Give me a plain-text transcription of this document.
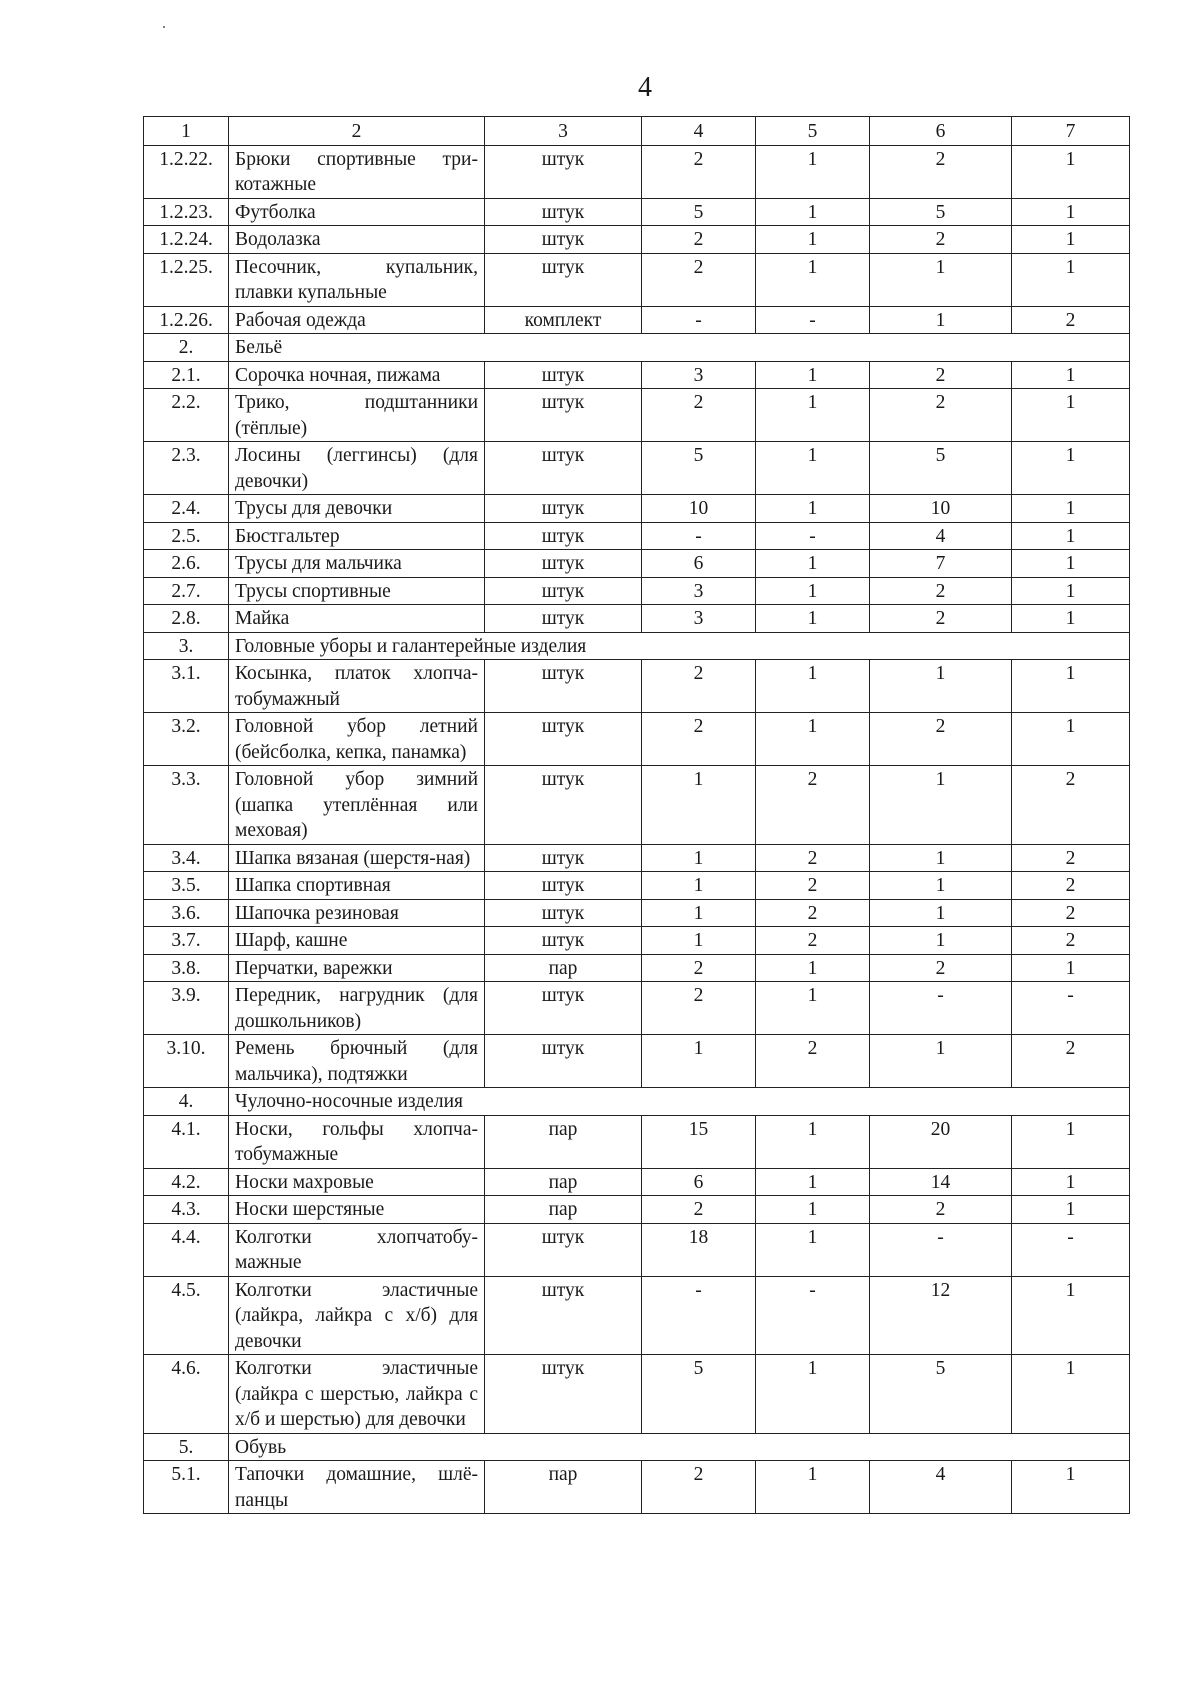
4
1	2	3	4	5	6	7
1.2.22.	Брюки спортивные три-котажные	штук	2	1	2	1
1.2.23.	Футболка	штук	5	1	5	1
1.2.24.	Водолазка	штук	2	1	2	1
1.2.25.	Песочник, купальник, плавки купальные	штук	2	1	1	1
1.2.26.	Рабочая одежда	комплект	-	-	1	2
2.	Бельё					
2.1.	Сорочка ночная, пижама	штук	3	1	2	1
2.2.	Трико, подштанники (тёплые)	штук	2	1	2	1
2.3.	Лосины (леггинсы) (для девочки)	штук	5	1	5	1
2.4.	Трусы для девочки	штук	10	1	10	1
2.5.	Бюстгальтер	штук	-	-	4	1
2.6.	Трусы для мальчика	штук	6	1	7	1
2.7.	Трусы спортивные	штук	3	1	2	1
2.8.	Майка	штук	3	1	2	1
3.	Головные уборы и галантерейные изделия					
3.1.	Косынка, платок хлопча-тобумажный	штук	2	1	1	1
3.2.	Головной убор летний (бейсболка, кепка, панамка)	штук	2	1	2	1
3.3.	Головной убор зимний (шапка утеплённая или меховая)	штук	1	2	1	2
3.4.	Шапка вязаная (шерстя-ная)	штук	1	2	1	2
3.5.	Шапка спортивная	штук	1	2	1	2
3.6.	Шапочка резиновая	штук	1	2	1	2
3.7.	Шарф, кашне	штук	1	2	1	2
3.8.	Перчатки, варежки	пар	2	1	2	1
3.9.	Передник, нагрудник (для дошкольников)	штук	2	1	-	-
3.10.	Ремень брючный (для мальчика), подтяжки	штук	1	2	1	2
4.	Чулочно-носочные изделия					
4.1.	Носки, гольфы хлопча-тобумажные	пар	15	1	20	1
4.2.	Носки махровые	пар	6	1	14	1
4.3.	Носки шерстяные	пар	2	1	2	1
4.4.	Колготки хлопчатобу-мажные	штук	18	1	-	-
4.5.	Колготки эластичные (лайкра, лайкра с х/б) для девочки	штук	-	-	12	1
4.6.	Колготки эластичные (лайкра с шерстью, лайкра с х/б и шерстью) для девочки	штук	5	1	5	1
5.	Обувь					
5.1.	Тапочки домашние, шлё-панцы	пар	2	1	4	1
